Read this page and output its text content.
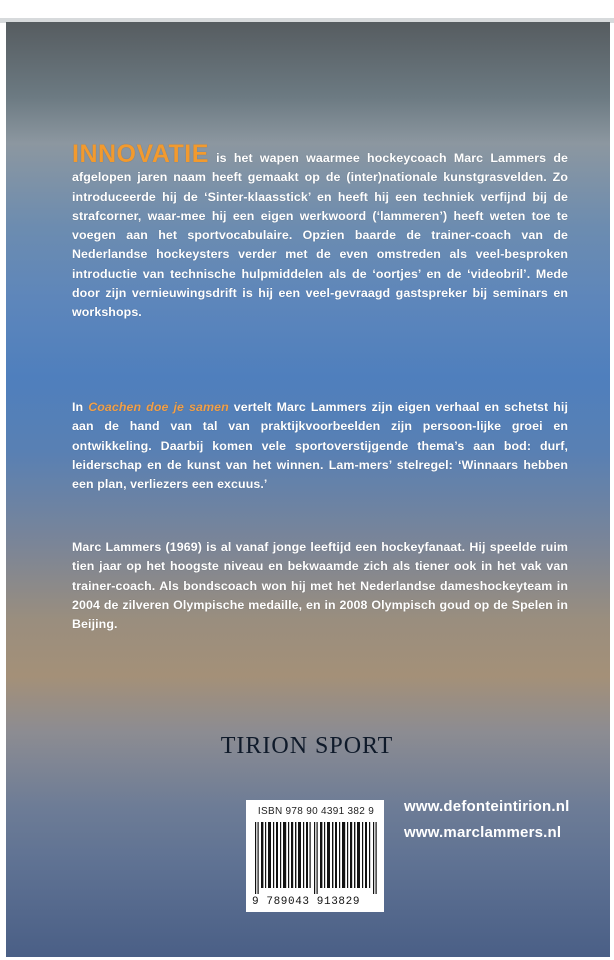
INNOVATIE is het wapen waarmee hockeycoach Marc Lammers de afgelopen jaren naam heeft gemaakt op de (inter)nationale kunstgrasvelden. Zo introduceerde hij de ‘Sinter-klaasstick’ en heeft hij een techniek verfijnd bij de strafcorner, waar-mee hij een eigen werkwoord (‘lammeren’) heeft weten toe te voegen aan het sportvocabulaire. Opzien baarde de trainer-coach van de Nederlandse hockeysters verder met de even omstreden als veel-besproken introductie van technische hulpmiddelen als de ‘oortjes’ en de ‘videobril’. Mede door zijn vernieuwingsdrift is hij een veel-gevraagd gastspreker bij seminars en workshops.
In Coachen doe je samen vertelt Marc Lammers zijn eigen verhaal en schetst hij aan de hand van tal van praktijkvoorbeelden zijn persoon-lijke groei en ontwikkeling. Daarbij komen vele sportoverstijgende thema’s aan bod: durf, leiderschap en de kunst van het winnen. Lam-mers’ stelregel: ‘Winnaars hebben een plan, verliezers een excuus.’
Marc Lammers (1969) is al vanaf jonge leeftijd een hockeyfanaat. Hij speelde ruim tien jaar op het hoogste niveau en bekwaamde zich als tiener ook in het vak van trainer-coach. Als bondscoach won hij met het Nederlandse dameshockeyteam in 2004 de zilveren Olympische medaille, en in 2008 Olympisch goud op de Spelen in Beijing.
TIRION SPORT
ISBN 978 90 4391 382 9
9 789043 913829
www.defonteintirion.nl
www.marclammers.nl
